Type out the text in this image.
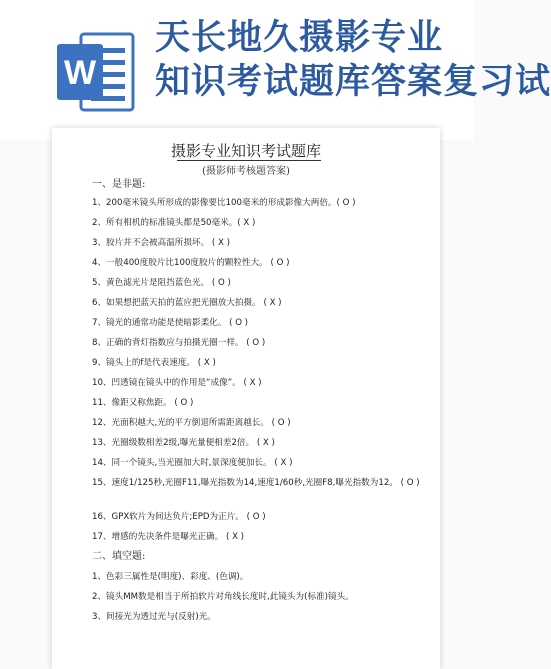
W
天长地久摄影专业
知识考试题库答案复习试
摄影专业知识考试题库
(摄影师考核题答案)
一、是非题:
1、200毫米镜头所形成的影像要比100毫米的形成影像大两倍。( O )
2、所有相机的标准镜头都是50毫米。( X )
3、胶片并不会被高温所损坏。 ( X )
4、一般400度胶片比100度胶片的颗粒性大。 ( O )
5、黄色滤光片是阻挡蓝色光。 ( O )
6、如果想把蓝天拍的蓝应把光圈放大拍摄。 ( X )
7、镜光的通常功能是使暗影柔化。 ( O )
8、正确的背灯指数应与拍摄光圈一样。 ( O )
9、镜头上的f是代表速度。 ( X )
10、凹透镜在镜头中的作用是“成像”。 ( X )
11、像距又称焦距。 ( O )
12、光面积越大,光的平方倒退所需距离越长。 ( O )
13、光圈级数相差2级,曝光量便相差2倍。 ( X )
14、同一个镜头,当光圈加大时,景深度便加长。 ( X )
15、速度1/125秒,光圈F11,曝光指数为14,速度1/60秒,光圈F8,曝光指数为12。 ( O )
16、GPX软片为间达负片;EPD为正片。 ( O )
17、增感的先决条件是曝光正确。 ( X )
二、填空题:
1、色彩三属性是(明度)、彩度、(色调)。
2、镜头MM数是相当于所拍软片对角线长度时,此镜头为(标准)镜头。
3、间接光为透过光与(反射)光。
